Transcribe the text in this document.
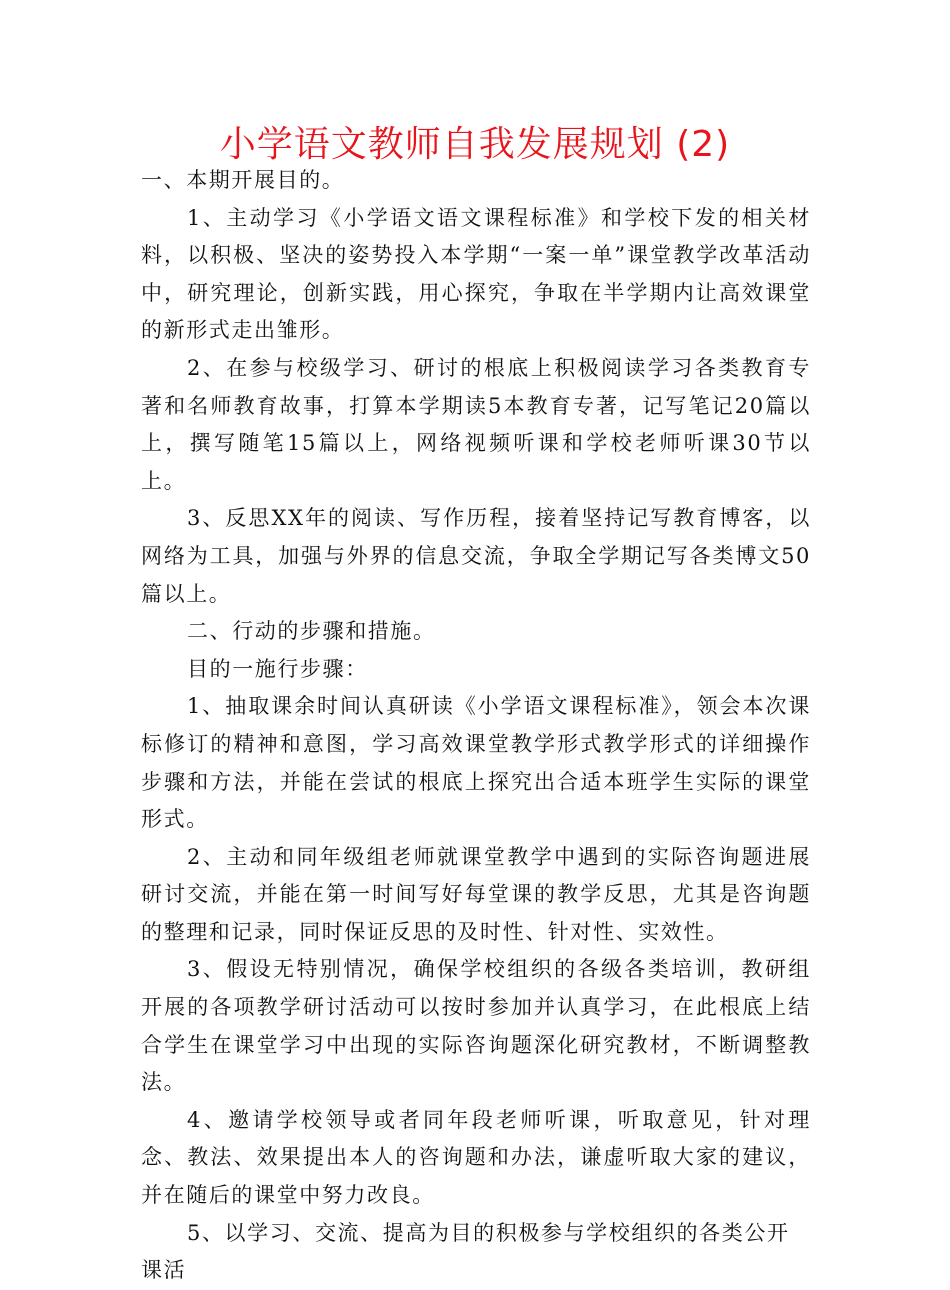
小学语文教师自我发展规划 (2)

一、本期开展目的。

1、主动学习《小学语文语文课程标准》和学校下发的相关材料，以积极、坚决的姿势投入本学期“一案一单”课堂教学改革活动中，研究理论，创新实践，用心探究，争取在半学期内让高效课堂的新形式走出雏形。

2、在参与校级学习、研讨的根底上积极阅读学习各类教育专著和名师教育故事，打算本学期读5本教育专著，记写笔记20篇以上，撰写随笔15篇以上，网络视频听课和学校老师听课30节以上。

3、反思XX年的阅读、写作历程，接着坚持记写教育博客，以网络为工具，加强与外界的信息交流，争取全学期记写各类博文50篇以上。

二、行动的步骤和措施。

目的一施行步骤：

1、抽取课余时间认真研读《小学语文课程标准》，领会本次课标修订的精神和意图，学习高效课堂教学形式教学形式的详细操作步骤和方法，并能在尝试的根底上探究出合适本班学生实际的课堂形式。

2、主动和同年级组老师就课堂教学中遇到的实际咨询题进展研讨交流，并能在第一时间写好每堂课的教学反思，尤其是咨询题的整理和记录，同时保证反思的及时性、针对性、实效性。

3、假设无特别情况，确保学校组织的各级各类培训，教研组开展的各项教学研讨活动可以按时参加并认真学习，在此根底上结合学生在课堂学习中出现的实际咨询题深化研究教材，不断调整教法。

4、邀请学校领导或者同年段老师听课，听取意见，针对理念、教法、效果提出本人的咨询题和办法，谦虚听取大家的建议，并在随后的课堂中努力改良。

5、以学习、交流、提高为目的积极参与学校组织的各类公开课活
